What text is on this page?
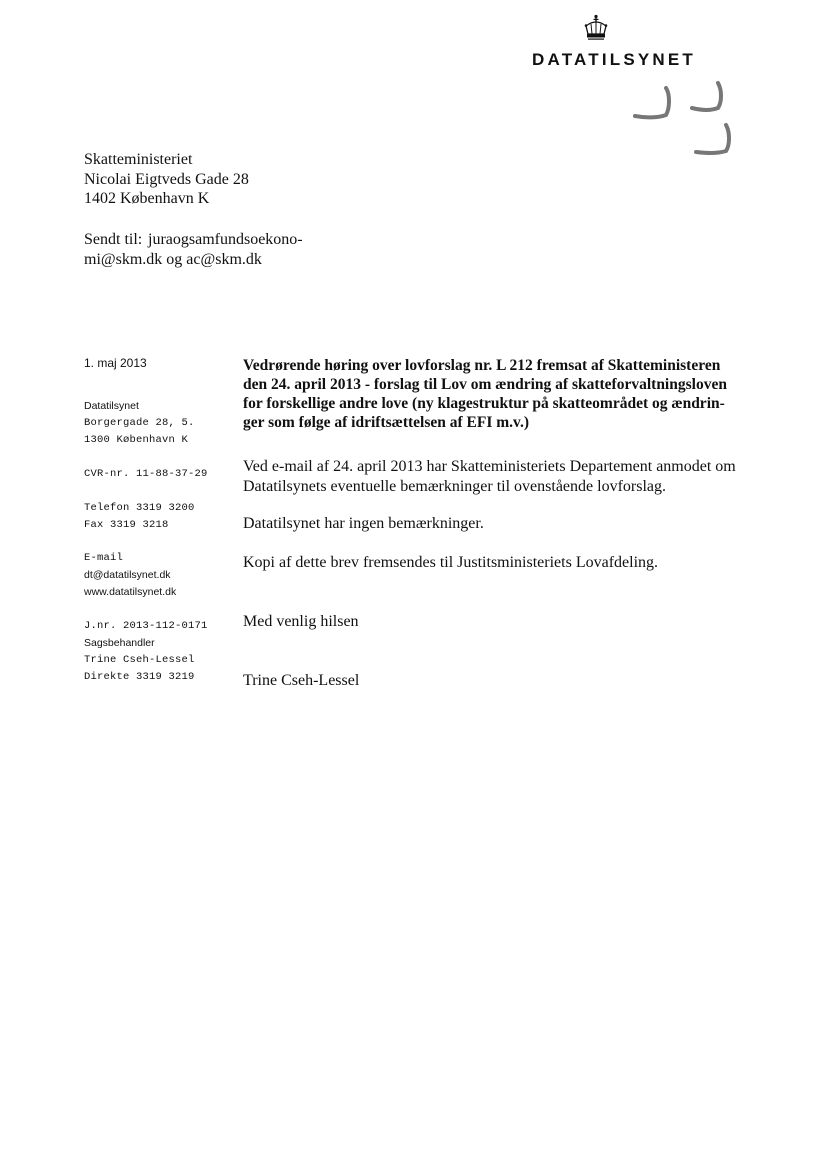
DATATILSYNET
Skatteministeriet
Nicolai Eigtveds Gade 28
1402 København K
Sendt til: juraogsamfundsoekono-
mi@skm.dk og ac@skm.dk
1. maj 2013
Datatilsynet
Borgergade 28, 5.
1300 København K
CVR-nr. 11-88-37-29
Telefon 3319 3200
Fax 3319 3218
E-mail
dt@datatilsynet.dk
www.datatilsynet.dk
J.nr. 2013-112-0171
Sagsbehandler
Trine Cseh-Lessel
Direkte 3319 3219
Vedrørende høring over lovforslag nr. L 212 fremsat af Skatteministeren
den 24. april 2013 - forslag til Lov om ændring af skatteforvaltningsloven
for forskellige andre love (ny klagestruktur på skatteområdet og ændrin-
ger som følge af idriftsættelsen af EFI m.v.)
Ved e-mail af 24. april 2013 har Skatteministeriets Departement anmodet om
Datatilsynets eventuelle bemærkninger til ovenstående lovforslag.
Datatilsynet har ingen bemærkninger.
Kopi af dette brev fremsendes til Justitsministeriets Lovafdeling.
Med venlig hilsen
Trine Cseh-Lessel
